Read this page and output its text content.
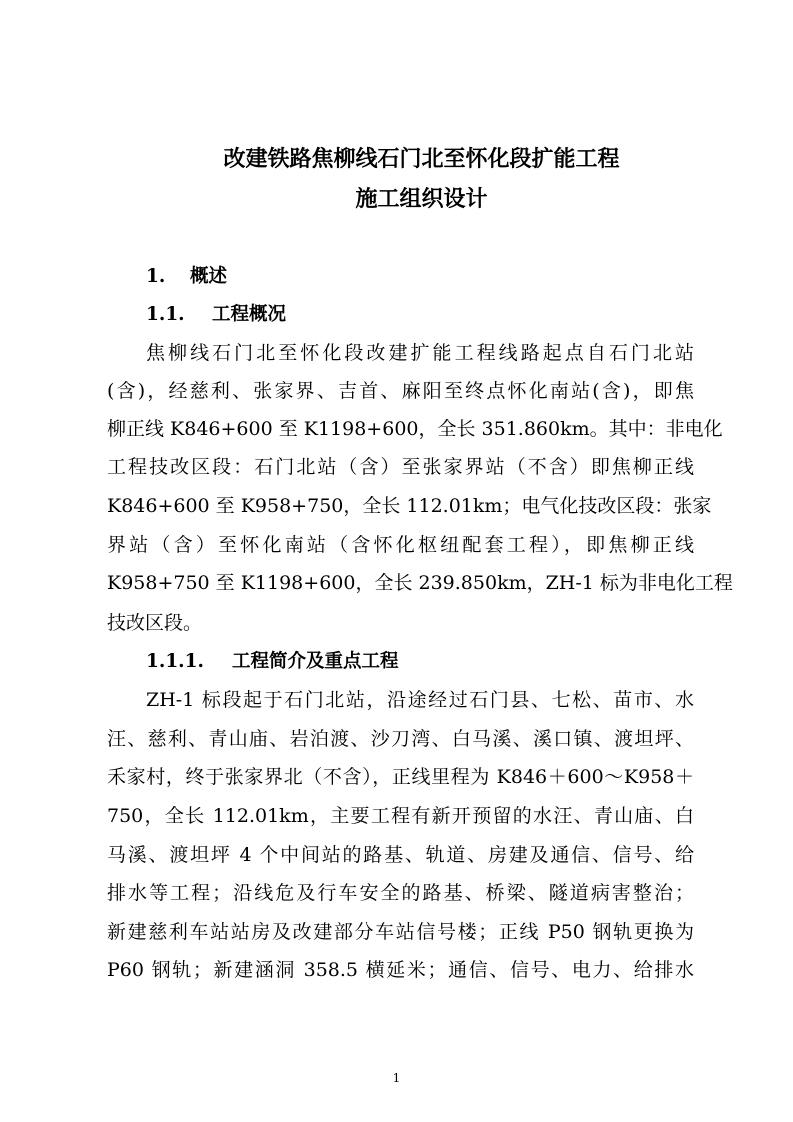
改建铁路焦柳线石门北至怀化段扩能工程
施工组织设计
1. 概述
1.1. 工程概况
焦柳线石门北至怀化段改建扩能工程线路起点自石门北站
(含)，经慈利、张家界、吉首、麻阳至终点怀化南站(含)，即焦
柳正线 K846+600 至 K1198+600，全长 351.860km。其中：非电化
工程技改区段：石门北站（含）至张家界站（不含）即焦柳正线
K846+600 至 K958+750，全长 112.01km；电气化技改区段：张家
界站（含）至怀化南站（含怀化枢纽配套工程），即焦柳正线
K958+750 至 K1198+600，全长 239.850km，ZH-1 标为非电化工程
技改区段。
1.1.1. 工程简介及重点工程
ZH-1 标段起于石门北站，沿途经过石门县、七松、苗市、水
汪、慈利、青山庙、岩泊渡、沙刀湾、白马溪、溪口镇、渡坦坪、
禾家村，终于张家界北（不含），正线里程为 K846＋600～K958＋
750，全长 112.01km，主要工程有新开预留的水汪、青山庙、白
马溪、渡坦坪 4 个中间站的路基、轨道、房建及通信、信号、给
排水等工程；沿线危及行车安全的路基、桥梁、隧道病害整治；
新建慈利车站站房及改建部分车站信号楼；正线 P50 钢轨更换为
P60 钢轨；新建涵洞 358.5 横延米；通信、信号、电力、给排水
1
